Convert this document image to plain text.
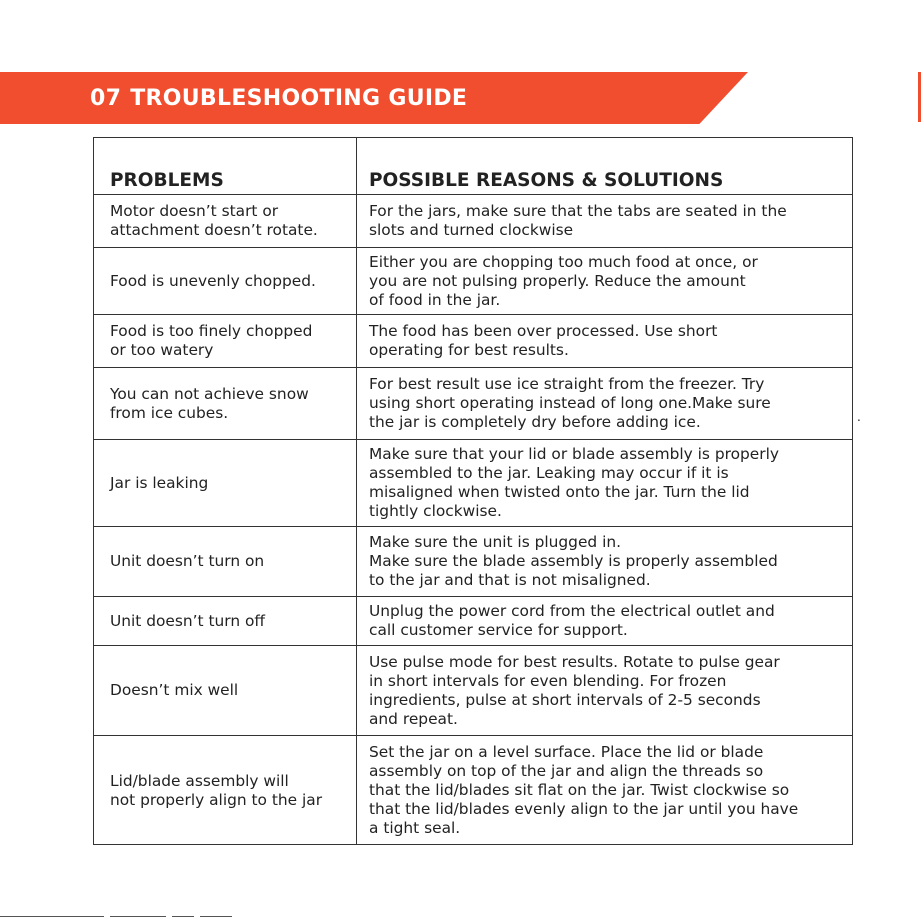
07 TROUBLESHOOTING GUIDE
.
PROBLEMS	POSSIBLE REASONS & SOLUTIONS
Motor doesn’t start or
attachment doesn’t rotate.
For the jars, make sure that the tabs are seated in the
slots and turned clockwise
Food is unevenly chopped.
Either you are chopping too much food at once, or
you are not pulsing properly. Reduce the amount
of food in the jar.
Food is too finely chopped
or too watery
The food has been over processed. Use short
operating for best results.
You can not achieve snow
from ice cubes.
For best result use ice straight from the freezer. Try
using short operating instead of long one.Make sure
the jar is completely dry before adding ice.
Jar is leaking
Make sure that your lid or blade assembly is properly
assembled to the jar. Leaking may occur if it is
misaligned when twisted onto the jar. Turn the lid
tightly clockwise.
Unit doesn’t turn on
Make sure the unit is plugged in.
Make sure the blade assembly is properly assembled
to the jar and that is not misaligned.
Unit doesn’t turn off
Unplug the power cord from the electrical outlet and
call customer service for support.
Doesn’t mix well
Use pulse mode for best results. Rotate to pulse gear
in short intervals for even blending. For frozen
ingredients, pulse at short intervals of 2-5 seconds
and repeat.
Lid/blade assembly will
not properly align to the jar
Set the jar on a level surface. Place the lid or blade
assembly on top of the jar and align the threads so
that the lid/blades sit flat on the jar. Twist clockwise so
that the lid/blades evenly align to the jar until you have
a tight seal.
